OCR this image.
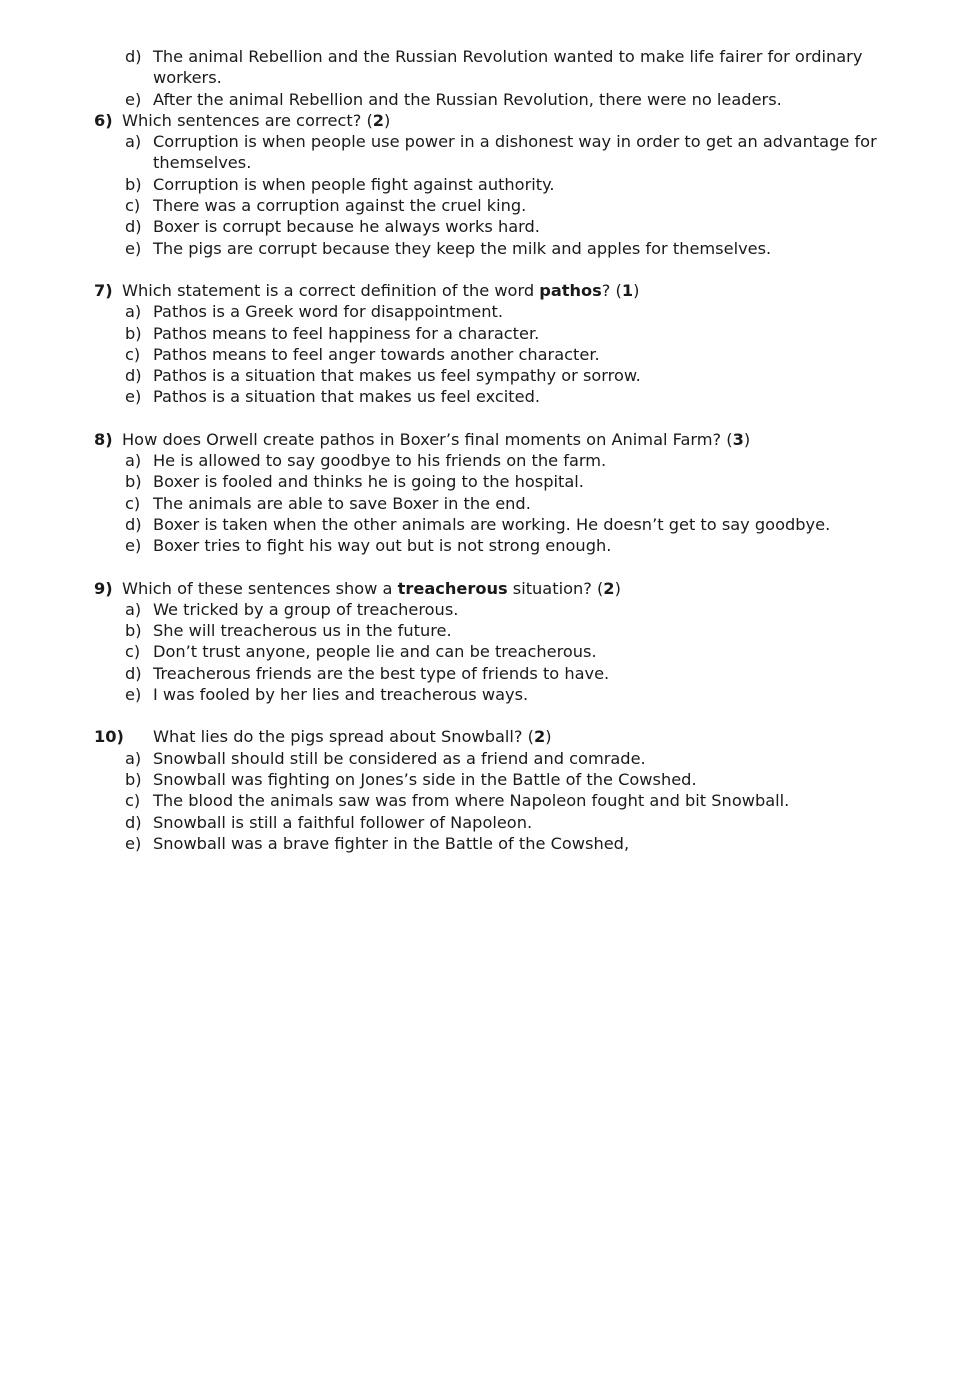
d) The animal Rebellion and the Russian Revolution wanted to make life fairer for ordinary workers.
e) After the animal Rebellion and the Russian Revolution, there were no leaders.
6) Which sentences are correct? (2)
a) Corruption is when people use power in a dishonest way in order to get an advantage for themselves.
b) Corruption is when people fight against authority.
c) There was a corruption against the cruel king.
d) Boxer is corrupt because he always works hard.
e) The pigs are corrupt because they keep the milk and apples for themselves.
7) Which statement is a correct definition of the word pathos? (1)
a) Pathos is a Greek word for disappointment.
b) Pathos means to feel happiness for a character.
c) Pathos means to feel anger towards another character.
d) Pathos is a situation that makes us feel sympathy or sorrow.
e) Pathos is a situation that makes us feel excited.
8) How does Orwell create pathos in Boxer’s final moments on Animal Farm? (3)
a) He is allowed to say goodbye to his friends on the farm.
b) Boxer is fooled and thinks he is going to the hospital.
c) The animals are able to save Boxer in the end.
d) Boxer is taken when the other animals are working. He doesn’t get to say goodbye.
e) Boxer tries to fight his way out but is not strong enough.
9) Which of these sentences show a treacherous situation? (2)
a) We tricked by a group of treacherous.
b) She will treacherous us in the future.
c) Don’t trust anyone, people lie and can be treacherous.
d) Treacherous friends are the best type of friends to have.
e) I was fooled by her lies and treacherous ways.
10)	What lies do the pigs spread about Snowball? (2)
a) Snowball should still be considered as a friend and comrade.
b) Snowball was fighting on Jones’s side in the Battle of the Cowshed.
c) The blood the animals saw was from where Napoleon fought and bit Snowball.
d) Snowball is still a faithful follower of Napoleon.
e) Snowball was a brave fighter in the Battle of the Cowshed,
